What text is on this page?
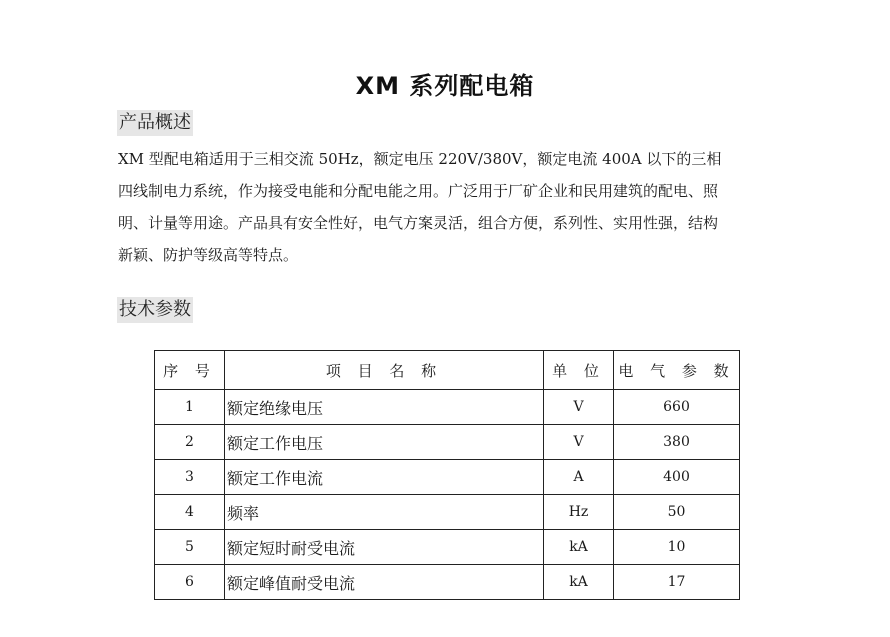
XM 系列配电箱
产品概述

XM 型配电箱适用于三相交流 50Hz，额定电压 220V/380V，额定电流 400A 以下的三相

四线制电力系统，作为接受电能和分配电能之用。广泛用于厂矿企业和民用建筑的配电、照

明、计量等用途。产品具有安全性好，电气方案灵活，组合方便，系列性、实用性强，结构

新颖、防护等级高等特点。

技术参数
序 号	项 目 名 称	单 位	电 气 参 数
1	额定绝缘电压	V	660
2	额定工作电压	V	380
3	额定工作电流	A	400
4	频率	Hz	50
5	额定短时耐受电流	kA	10
6	额定峰值耐受电流	kA	17
